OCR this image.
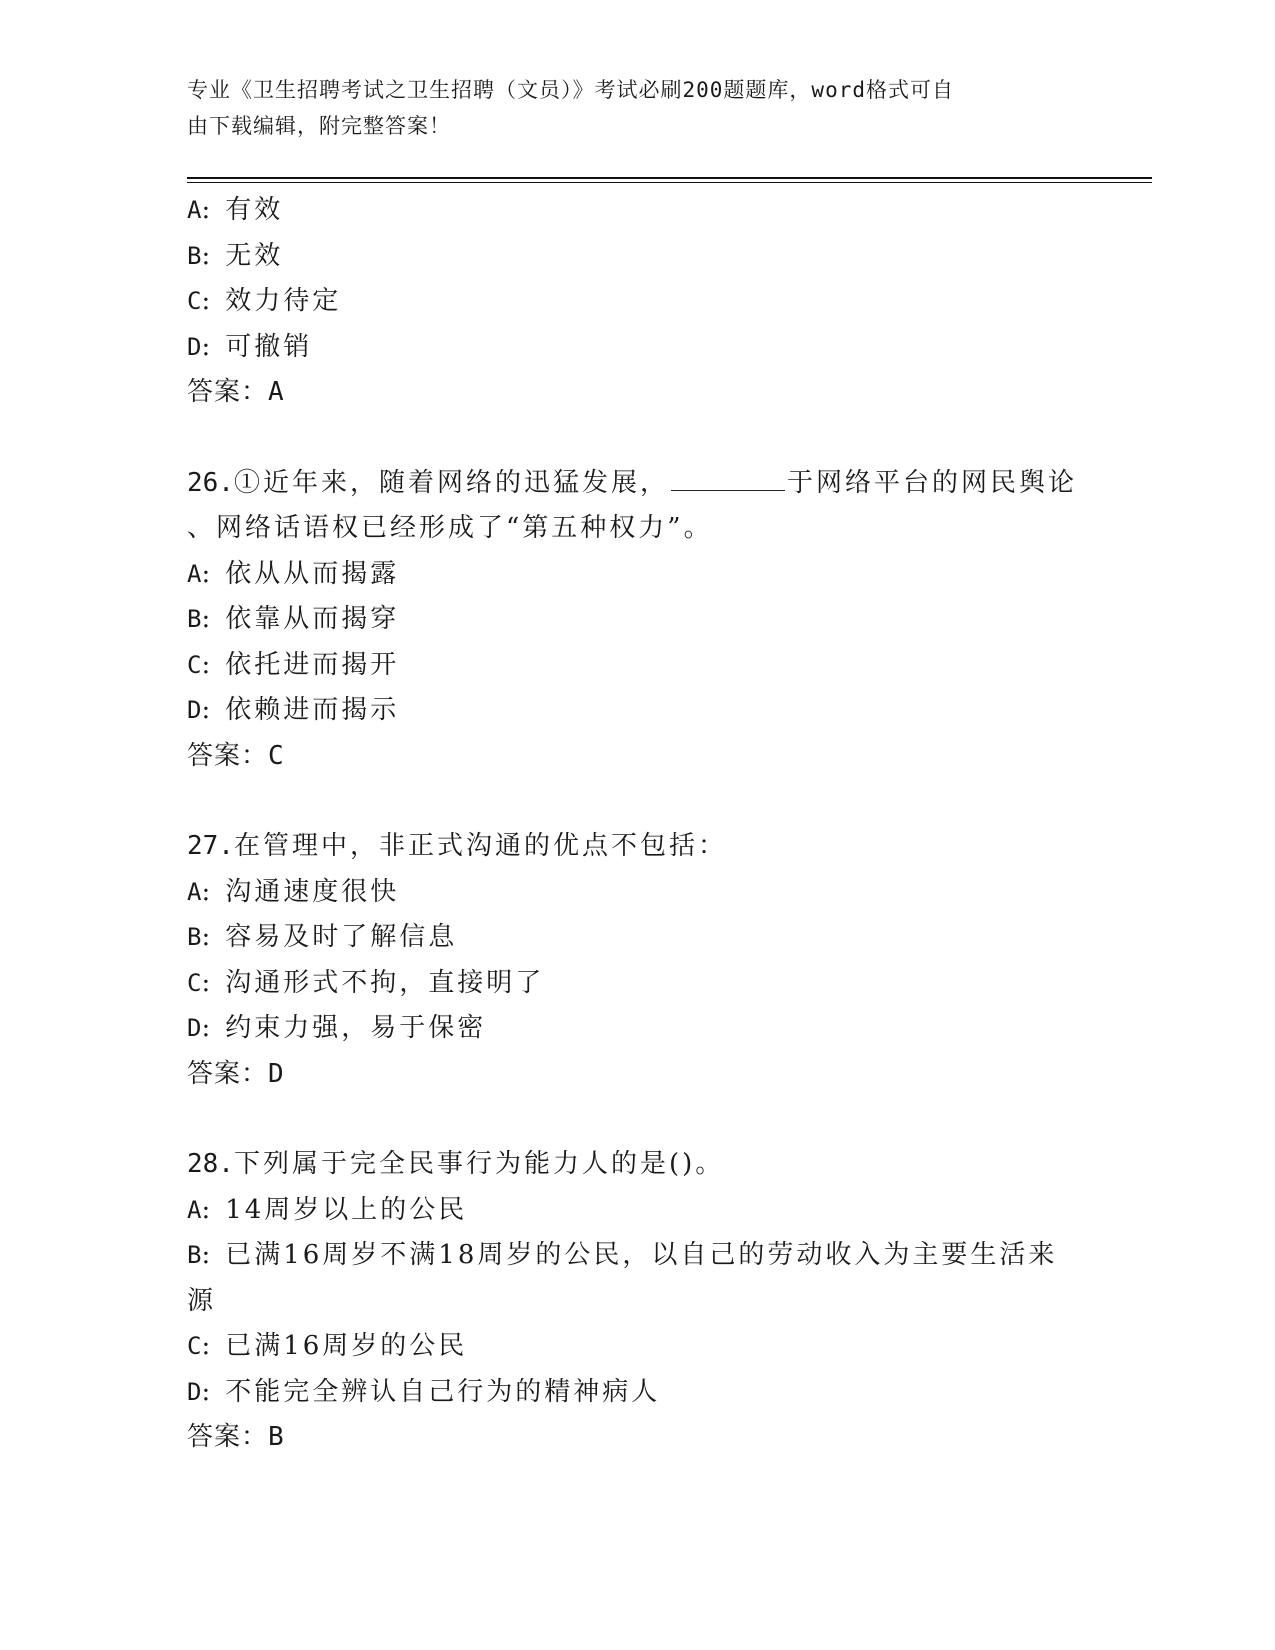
专业《卫生招聘考试之卫生招聘（文员）》考试必刷200题题库，word格式可自
由下载编辑，附完整答案！
A: 有效
B: 无效
C: 效力待定
D: 可撤销
答案：A
26.①近年来，随着网络的迅猛发展，	于网络平台的网民舆论
、网络话语权已经形成了“第五种权力”。
A: 依从从而揭露
B: 依靠从而揭穿
C: 依托进而揭开
D: 依赖进而揭示
答案：C
27.在管理中，非正式沟通的优点不包括：
A: 沟通速度很快
B: 容易及时了解信息
C: 沟通形式不拘，直接明了
D: 约束力强，易于保密
答案：D
28.下列属于完全民事行为能力人的是()。
A: 14周岁以上的公民
B: 已满16周岁不满18周岁的公民，以自己的劳动收入为主要生活来
源
C: 已满16周岁的公民
D: 不能完全辨认自己行为的精神病人
答案：B
